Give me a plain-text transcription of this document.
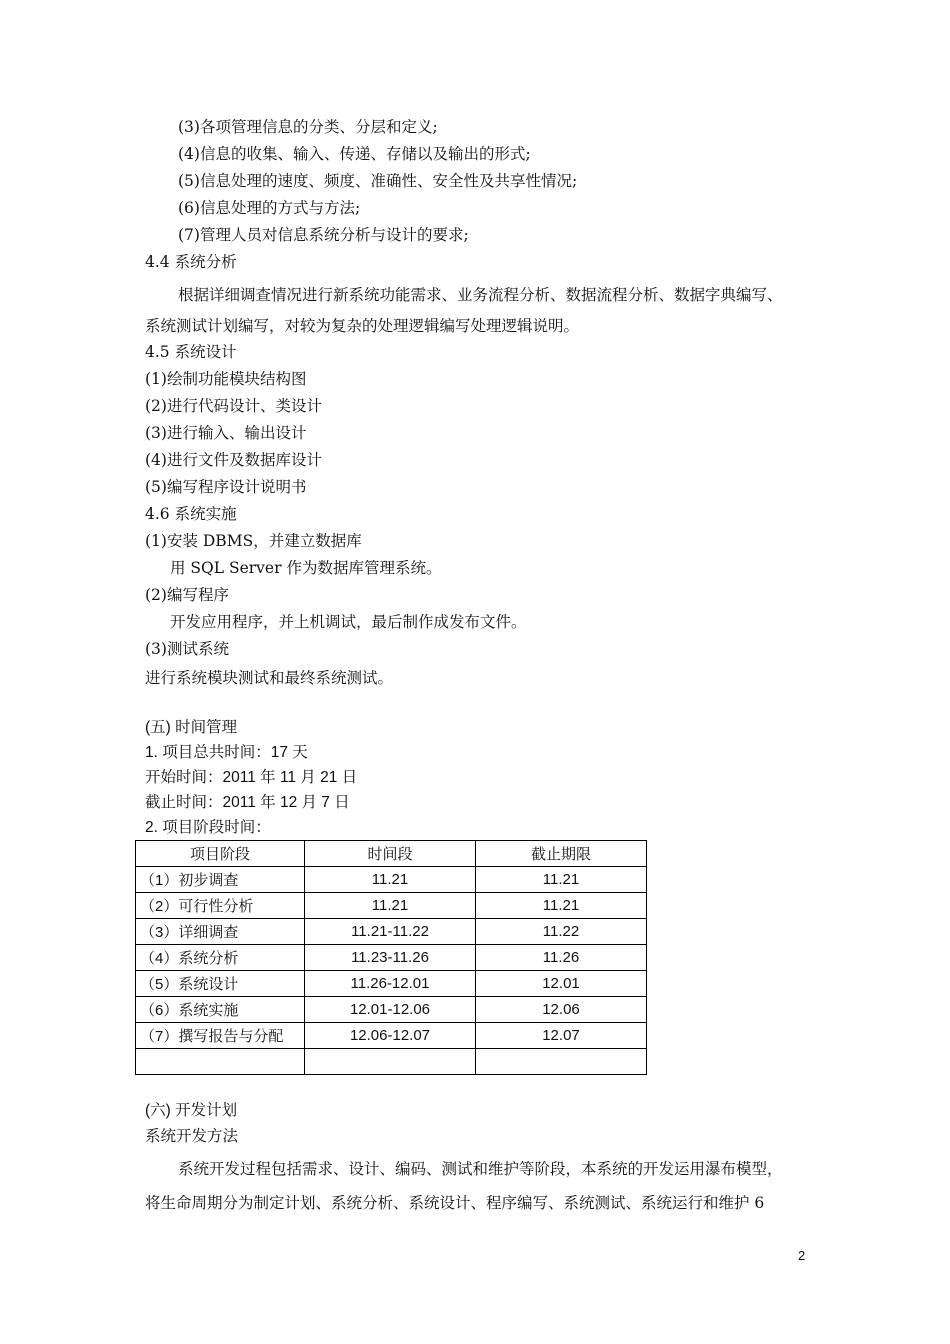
(3)各项管理信息的分类、分层和定义;
(4)信息的收集、输入、传递、存储以及输出的形式;
(5)信息处理的速度、频度、准确性、安全性及共享性情况;
(6)信息处理的方式与方法;
(7)管理人员对信息系统分析与设计的要求;
4.4 系统分析
根据详细调查情况进行新系统功能需求、业务流程分析、数据流程分析、数据字典编写、
系统测试计划编写，对较为复杂的处理逻辑编写处理逻辑说明。
4.5 系统设计
(1)绘制功能模块结构图
(2)进行代码设计、类设计
(3)进行输入、输出设计
(4)进行文件及数据库设计
(5)编写程序设计说明书
4.6 系统实施
(1)安装 DBMS，并建立数据库
用 SQL Server 作为数据库管理系统。
(2)编写程序
开发应用程序，并上机调试，最后制作成发布文件。
(3)测试系统
进行系统模块测试和最终系统测试。
(五) 时间管理
1. 项目总共时间：17 天
开始时间：2011 年 11 月 21 日
截止时间：2011 年 12 月 7 日
2. 项目阶段时间：
项目阶段	时间段	截止期限
（1）初步调查	11.21	11.21
（2）可行性分析	11.21	11.21
（3）详细调查	11.21-11.22	11.22
（4）系统分析	11.23-11.26	11.26
（5）系统设计	11.26-12.01	12.01
（6）系统实施	12.01-12.06	12.06
（7）撰写报告与分配	12.06-12.07	12.07

(六) 开发计划
系统开发方法
系统开发过程包括需求、设计、编码、测试和维护等阶段，本系统的开发运用瀑布模型，
将生命周期分为制定计划、系统分析、系统设计、程序编写、系统测试、系统运行和维护 6
2
